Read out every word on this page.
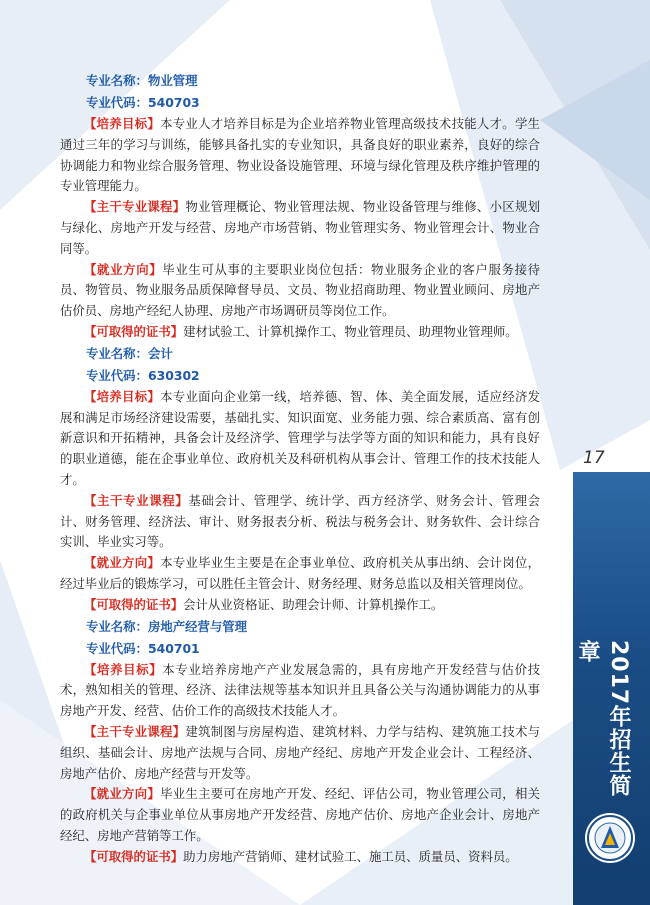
17
2017年招生简章
专业名称：物业管理
专业代码：540703

【培养目标】本专业人才培养目标是为企业培养物业管理高级技术技能人才。学生通过三年的学习与训练，能够具备扎实的专业知识，具备良好的职业素养，良好的综合协调能力和物业综合服务管理、物业设备设施管理、环境与绿化管理及秩序维护管理的专业管理能力。

【主干专业课程】物业管理概论、物业管理法规、物业设备管理与维修、小区规划与绿化、房地产开发与经营、房地产市场营销、物业管理实务、物业管理会计、物业合同等。

【就业方向】毕业生可从事的主要职业岗位包括：物业服务企业的客户服务接待员、物管员、物业服务品质保障督导员、文员、物业招商助理、物业置业顾问、房地产估价员、房地产经纪人协理、房地产市场调研员等岗位工作。

【可取得的证书】建材试验工、计算机操作工、物业管理员、助理物业管理师。

专业名称：会计
专业代码：630302

【培养目标】本专业面向企业第一线，培养德、智、体、美全面发展，适应经济发展和满足市场经济建设需要，基础扎实、知识面宽、业务能力强、综合素质高、富有创新意识和开拓精神，具备会计及经济学、管理学与法学等方面的知识和能力，具有良好的职业道德，能在企事业单位、政府机关及科研机构从事会计、管理工作的技术技能人才。

【主干专业课程】基础会计、管理学、统计学、西方经济学、财务会计、管理会计、财务管理、经济法、审计、财务报表分析、税法与税务会计、财务软件、会计综合实训、毕业实习等。

【就业方向】本专业毕业生主要是在企事业单位、政府机关从事出纳、会计岗位，经过毕业后的锻炼学习，可以胜任主管会计、财务经理、财务总监以及相关管理岗位。

【可取得的证书】会计从业资格证、助理会计师、计算机操作工。

专业名称：房地产经营与管理
专业代码：540701

【培养目标】本专业培养房地产产业发展急需的，具有房地产开发经营与估价技术，熟知相关的管理、经济、法律法规等基本知识并且具备公关与沟通协调能力的从事房地产开发、经营、估价工作的高级技术技能人才。

【主干专业课程】建筑制图与房屋构造、建筑材料、力学与结构、建筑施工技术与组织、基础会计、房地产法规与合同、房地产经纪、房地产开发企业会计、工程经济、房地产估价、房地产经营与开发等。

【就业方向】毕业生主要可在房地产开发、经纪、评估公司，物业管理公司，相关的政府机关与企事业单位从事房地产开发经营、房地产估价、房地产企业会计、房地产经纪、房地产营销等工作。

【可取得的证书】助力房地产营销师、建材试验工、施工员、质量员、资料员。
